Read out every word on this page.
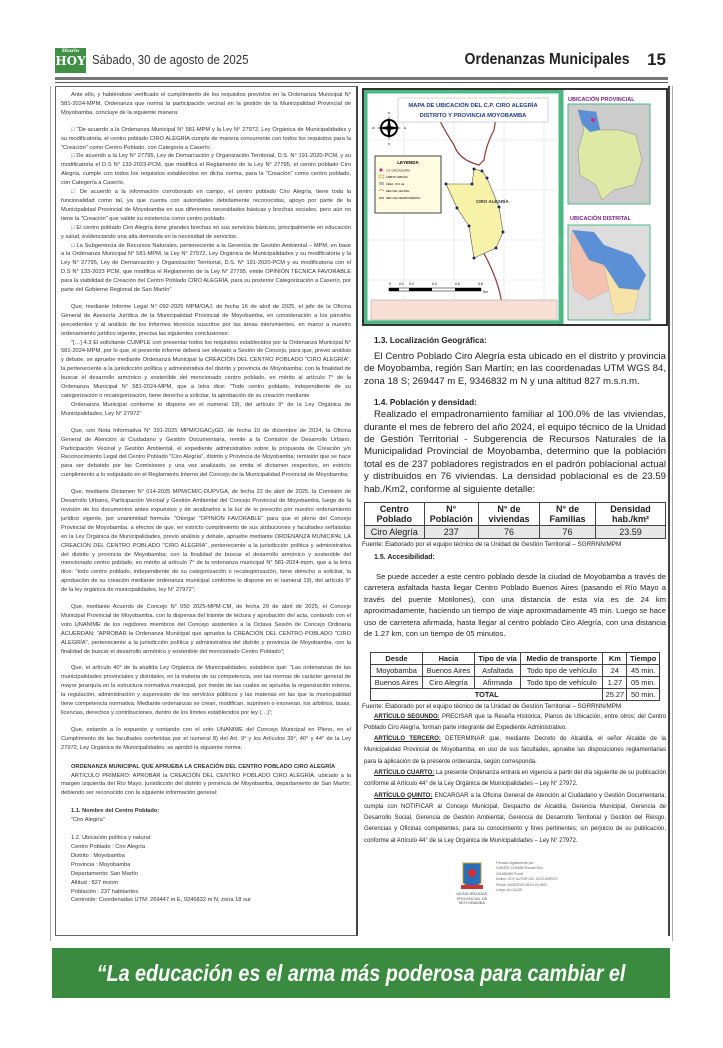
Diario
HOY Sábado, 30 de agosto de 2025	Ordenanzas Municipales 15

Ante ello, y habiéndose verificado el cumplimiento de los requisitos previstos en la Ordenanza Municipal N° 581-2024-MPM, Ordenanza que norma la participación vecinal en la gestión de la Municipalidad Provincial de Moyobamba, concluye de la siguiente manera:

□ "De acuerdo a la Ordenanza Municipal N° 581-MPM y la Ley N° 27972, Ley Orgánica de Municipalidades y su modificatoria, el centro poblado CIRO ALEGRÍA cumple de manera concurrente con todos los requisitos para la "Creación" como Centro Poblado, con Categoría a Caserío.

□ De acuerdo a la Ley N° 27795, Ley de Demarcación y Organización Territorial, D.S. N° 191-2020-PCM, y su modificatoria el D.S N° 133-2023-PCM, que modifica el Reglamento de la Ley N° 27795, el centro poblado Ciro Alegría, cumple con todos los requisitos establecidos en dicha norma, para la "Creación" como centro poblado, con Categoría a Caserío.

□ De acuerdo a la información corroborado en campo, el centro poblado Ciro Alegría, tiene toda la funcionalidad como tal, ya que cuenta con autoridades debidamente reconocidas, apoyo por parte de la Municipalidad Provincial de Moyobamba en sus diferentes necesidades básicas y brechas sociales, pero aún no tiene la "Creación" que valide su existencia como centro poblado.

□ El centro poblado Ciro Alegría tiene grandes brechas en sus servicios básicos, principalmente en educación y salud, evidenciando una alta demanda en la necesidad de servicios.

□ La Subgerencia de Recursos Naturales, perteneciente a la Gerencia de Gestión Ambiental – MPM, en base a la Ordenanza Municipal N° 581-MPM, la Ley N° 27972, Ley Orgánica de Municipalidades y su modificatoria y la Ley N° 27795, Ley de Demarcación y Organización Territorial, D.S. N° 191-2020-PCM y su modificatoria con el D.S N° 133-2023 PCM, que modifica el Reglamento de la Ley N° 27795, emite OPINIÓN TÉCNICA FAVORABLE para la viabilidad de Creación del Centro Poblado CIRO ALEGRÍA, para su posterior Categorización a Caserío, por parte del Gobierno Regional de San Martín"

Que, mediante Informe Legal N° 092-2025 MPM/OAJ, de fecha 16 de abril de 2025, el jefe de la Oficina General de Asesoría Jurídica de la Municipalidad Provincial de Moyobamba, en consideración a los párrafos precedentes y al análisis de los informes técnicos suscritos por las áreas intervinientes, en marco a nuestro ordenamiento jurídico vigente, precisa las siguientes conclusiones:

"[…] 4.3 El solicitante CUMPLE con presentar todos los requisitos establecidos por la Ordenanza Municipal N° 581-2024-MPM, por lo que, el presente informe deberá ser elevado a Sesión de Concejo, para que, previo análisis y debate, se apruebe mediante Ordenanza Municipal la CREACIÓN DEL CENTRO POBLADO "CIRO ALEGRÍA", la perteneciente a la jurisdicción política y administrativa del distrito y provincia de Moyobamba; con la finalidad de buscar el desarrollo armónico y sostenible del mencionado centro poblado, en mérito al artículo 7° de la Ordenanza Municipal N° 581-2024-MPM, que a letra dice: "Todo centro poblado, independiente de su categorización o recategorización, tiene derecho a solicitar, la aprobación de su creación mediante

Ordenanza Municipal conforme lo dispone en el numeral 19), del artículo 9° de la Ley Orgánica de Municipalidades, Ley N° 27972"

Que, con Nota Informativa N° 391-2025 MPM/OGACyGD, de fecha 10 de diciembre de 2024, la Oficina General de Atención al Ciudadano y Gestión Documentaria, remite a la Comisión de Desarrollo Urbano, Participación Vecinal y Gestión Ambiental, el expediente administrativo sobre la propuesta de Creación y/o Reconocimiento Legal del Centro Poblado "Ciro Alegría", distrito y Provincia de Moyobamba; remisión que se hace para ser debatido por las Comisiones y una vez analizado, se emita el dictamen respectivo, en estricto cumplimiento a lo estipulado en el Reglamento Interno del Concejo de la Municipalidad Provincial de Moyobamba;

Que, mediante Dictamen N° 014-2025 MPM/CM/C-DUPVGA, de fecha 22 de abril de 2025, la Comisión de Desarrollo Urbano, Participación Vecinal y Gestión Ambiental del Concejo Provincial de Moyobamba, luego de la revisión de los documentos antes expuestos y de analizarlos a la luz de lo prescrito por nuestro ordenamiento jurídico vigente, por unanimidad formula: "Otorgar "OPINION FAVORABLE" para que el pleno del Concejo Provincial de Moyobamba, a efectos de que, en estricto cumplimiento de sus atribuciones y facultades señaladas en la Ley Orgánica de Municipalidades, previo análisis y debate, apruebe mediante ORDENANZA MUNICIPAL LA CREACIÓN DEL CENTRO POBLADO "CIRO ALEGRÍA", perteneciente a la jurisdicción política y administrativa del distrito y provincia de Moyobamba; con la finalidad de buscar el desarrollo armónico y sostenible del mencionado centro poblado, en mérito al artículo 7° de la ordenanza municipal N° 581-2024-mpm, que a la letra dice: "todo centro poblado, independiente de su categorización o recategorización, tiene derecho a solicitar, la aprobación de su creación mediante ordenanza municipal conforme lo dispone en el numeral 19), del artículo 9° de la ley orgánica de municipalidades, ley N° 27972";

Que, mediante Acuerdo de Concejo N° 050 2025-MPM-CM, de fecha 29 de abril de 2025, el Concejo Municipal Provincial de Moyobamba, con la dispensa del trámite de lectura y aprobación del acta, contando con el voto UNANIME de los regidores miembros del Concejo asistentes a la Octava Sesión de Concejo Ordinaria ACUERDAN: "APROBAR la Ordenanza Municipal que aprueba la CREACIÓN DEL CENTRO POBLADO "CIRO ALEGRÍA", perteneciente a la jurisdicción política y administrativa del distrito y provincia de Moyobamba, con la finalidad de buscar el desarrollo armónico y sostenible del mencionado Centro Poblado";

Que, el artículo 40° de la aludida Ley Orgánica de Municipalidades, establece que: "Las ordenanzas de las municipalidades provinciales y distritales, en la materia de su competencia, son las normas de carácter general de mayor jerarquía en la estructura normativa municipal, por medio de las cuales se aprueba la organización interna, la regulación, administración y supervisión de los servicios públicos y las materias en las que la municipalidad tiene competencia normativa. Mediante ordenanzas se crean, modifican, suprimen o exoneran, los arbitrios, tasas, licencias, derechos y contribuciones, dentro de los límites establecidos por ley (…)";

Que, estando a lo expuesto y contando con el voto UNANIME del Concejo Municipal en Pleno, en el Cumplimiento de las facultades conferidas por el numeral 8) del Art. 9° y los Artículos 39°, 40° y 44° de la Ley 27972, Ley Orgánica de Municipalidades; se aprobó la siguiente norma:

ORDENANZA MUNICIPAL QUE APRUEBA LA CREACIÓN DEL CENTRO POBLADO CIRO ALEGRÍA

ARTÍCULO PRIMERO: APROBAR la CREACIÓN DEL CENTRO POBLADO CIRO ALEGRÍA, ubicado a la margen izquierda del Río Mayo, jurisdicción del distrito y provincia de Moyobamba, departamento de San Martín; debiendo ser reconocido con la siguiente información general:

1.1. Nombre del Centro Poblado:
"Ciro Alegría"
1.2. Ubicación política y natural:
Centro Poblado : Ciro Alegría
Distrito : Moyobamba
Provincia : Moyobamba
Departamento: San Martín
Altitud : 827 msnm
Población : 237 habitantes
Centroide: Coordenadas UTM: 269447 m E, 9346832 m N, zona 18 sur
CIRO ALEGRÍA
MAPA DE UBICACIÓN DEL C.P. CIRO ALEGRÍA
DISTRITO Y PROVINCIA MOYOBAMBA
N
S
E
W
LEYENDA
C.P. CIRO ALEGRÍA
ÁMBITO URBANO
ÁREA : 15.6 Ha
RED VIAL VECINAL
RED VIAL DEPARTAMENTAL
0 0.1 0.2	0.4	0.6	0.8
Km
UBICACIÓN PROVINCIAL
UBICACIÓN DISTRITAL
1.3. Localización Geográfica:

El Centro Poblado Ciro Alegría esta ubicado en el distrito y provincia de Moyobamba, región San Martín; en las coordenadas UTM WGS 84, zona 18 S; 269447 m E, 9346832 m N y una altitud 827 m.s.n.m.

1.4. Población y densidad:

Realizado el empadronamiento familiar al 100.0% de las viviendas, durante el mes de febrero del año 2024, el equipo técnico de la Unidad de Gestión Territorial - Subgerencia de Recursos Naturales de la Municipalidad Provincial de Moyobamba, determino que la población total es de 237 pobladores registrados en el padrón poblacional actual y distribuidos en 76 viviendas. La densidad poblacional es de 23.59 hab./Km2, conforme al siguiente detalle:

Centro Poblado	N° Población	N° de viviendas	N° de Familias	Densidad hab./km²
Ciro Alegría	237	76	76	23.59
Fuente: Elaborado por el equipo técnico de la Unidad de Gestión Territorial – SGRRNN/MPM
1.5. Accesibilidad:

Se puede acceder a este centro poblado desde la ciudad de Moyobamba a través de carretera asfaltada hasta llegar Centro Poblado Buenos Aires (pasando el Río Mayo a través del puente Motilones), con una distancia de esta vía es de 24 km aproximadamente, haciendo un tiempo de viaje aproximadamente 45 min. Luego se hace uso de carretera afirmada, hasta llegar al centro poblado Ciro Alegría, con una distancia de 1.27 km, con un tiempo de 05 minutos.

Desde	Hacia	Tipo de vía	Medio de transporte	Km	Tiempo
Moyobamba	Buenos Aires	Asfaltada	Todo tipo de vehículo	24	45 min.
Buenos Aires	Ciro Alegría	Afirmada	Todo tipo de vehículo	1.27	05 min.
TOTAL				25.27	50 min.
Fuente: Elaborado por el equipo técnico de la Unidad de Gestión Territorial – SGRRNN/MPM

ARTÍCULO SEGUNDO: PRECISAR que la Reseña Histórica, Planos de Ubicación, entre otros; del Centro Poblado Ciro Alegría, forman parte integrante del Expediente Administrativo.

ARTÍCULO TERCERO: DETERMINAR que, mediante Decreto de Alcaldía, el señor Alcalde de la Municipalidad Provincial de Moyobamba, en uso de sus facultades, apruebe las disposiciones reglamentarias para la aplicación de la presente ordenanza, según corresponda.

ARTÍCULO CUARTO: La presente Ordenanza entrará en vigencia a partir del día siguiente de su publicación conforme al Artículo 44° de la Ley Orgánica de Municipalidades – Ley N° 27972.

ARTÍCULO QUINTO: ENCARGAR a la Oficina General de Atención al Ciudadano y Gestión Documentaria, cumpla con NOTIFICAR al Concejo Municipal, Despacho de Alcaldía, Gerencia Municipal, Gerencia de Desarrollo Social, Gerencia de Gestión Ambiental, Gerencia de Desarrollo Territorial y Gestión del Riesgo, Gerencias y Oficinas competentes, para su conocimiento y fines pertinentes; sin perjuicio de su publicación, conforme al Artículo 44° de la Ley Orgánica de Municipalidades – Ley N° 27972.

MUNICIPALIDAD PROVINCIAL DE MOYOBAMBA
Firmado digitalmente por:
GARATE CHAMBI Ronald FAU
20148008079 soft
Motivo: SOY AUTOR DEL DOCUMENTO
Fecha: 29/08/2025 08:53:31-0500
Cargo: ALCALDE
“La educación es el arma más poderosa para cambiar el mundo”
